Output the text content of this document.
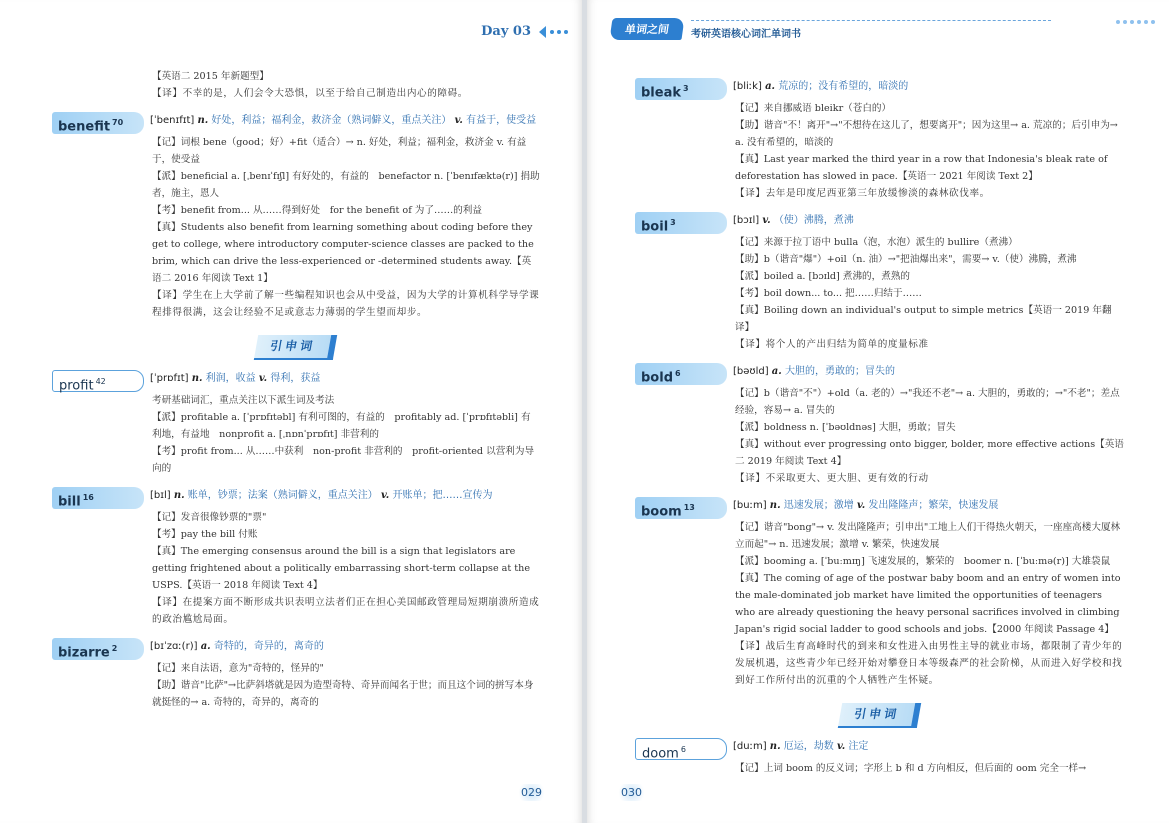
Day 03

【英语二 2015 年新题型】

【译】不幸的是，人们会令大恐惧，以至于给自己制造出内心的障碍。

benefit $^{70}$	[ˈbenɪfɪt] n. 好处，利益；福利金，救济金（熟词僻义，重点关注） v. 有益于，使受益

【记】词根 bene（good；好）+fit（适合）→ n. 好处，利益；福利金，救济金 v. 有益于，使受益

【派】beneficial a. [ˌbenɪˈfɪʃl] 有好处的，有益的　benefactor n. [ˈbenɪfæktə(r)] 捐助者，施主，恩人

【考】benefit from... 从……得到好处　for the benefit of 为了……的利益

【真】Students also benefit from learning something about coding before they get to college, where introductory computer-science classes are packed to the brim, which can drive the less-experienced or -determined students away.【英语二 2016 年阅读 Text 1】

【译】学生在上大学前了解一些编程知识也会从中受益，因为大学的计算机科学导学课程排得很满，这会让经验不足或意志力薄弱的学生望而却步。

引申词
profit $^{42}$	[ˈprɒfɪt] n. 利润，收益 v. 得利，获益

考研基础词汇，重点关注以下派生词及考法

【派】profitable a. [ˈprɒfɪtəbl] 有利可图的，有益的　profitably ad. [ˈprɒfɪtəbli] 有利地，有益地　nonprofit a. [ˌnɒnˈprɒfɪt] 非营利的

【考】profit from... 从……中获利　non-profit 非营利的　profit-oriented 以营利为导向的

bill $^{16}$	[bɪl] n. 账单，钞票；法案（熟词僻义，重点关注） v. 开账单；把……宣传为

【记】发音很像钞票的"票"

【考】pay the bill 付账

【真】The emerging consensus around the bill is a sign that legislators are getting frightened about a politically embarrassing short-term collapse at the USPS.【英语一 2018 年阅读 Text 4】

【译】在提案方面不断形成共识表明立法者们正在担心美国邮政管理局短期崩溃所造成的政治尴尬局面。

bizarre $^2$	[bɪˈzɑː(r)] a. 奇特的，奇异的，离奇的

【记】来自法语，意为"奇特的，怪异的"

【助】谐音"比萨"→比萨斜塔就是因为造型奇特、奇异而闻名于世；而且这个词的拼写本身就挺怪的→ a. 奇特的，奇异的，离奇的

029
单词之间	考研英语核心词汇单词书
bleak $^3$	[bliːk] a. 荒凉的；没有希望的，暗淡的

【记】来自挪威语 bleikr（苍白的）

【助】谐音"不！离开"→"不想待在这儿了，想要离开"；因为这里→ a. 荒凉的；后引申为→ a. 没有希望的，暗淡的

【真】Last year marked the third year in a row that Indonesia's bleak rate of deforestation has slowed in pace.【英语一 2021 年阅读 Text 2】

【译】去年是印度尼西亚第三年放缓惨淡的森林砍伐率。

boil $^3$	[bɔɪl] v. （使）沸腾，煮沸

【记】来源于拉丁语中 bulla（泡，水泡）派生的 bullire（煮沸）

【助】b（谐音"爆"）+oil（n. 油）→"把油爆出来"，需要→ v.（使）沸腾，煮沸

【派】boiled a. [bɔɪld] 煮沸的，煮熟的

【考】boil down... to... 把……归结于……

【真】Boiling down an individual's output to simple metrics【英语一 2019 年翻译】

【译】将个人的产出归结为简单的度量标准

bold $^6$	[bəʊld] a. 大胆的，勇敢的；冒失的

【记】b（谐音"不"）+old（a. 老的）→"我还不老"→ a. 大胆的，勇敢的；→"不老"；差点经验，容易→ a. 冒失的

【派】boldness n. [ˈbəʊldnəs] 大胆，勇敢；冒失

【真】without ever progressing onto bigger, bolder, more effective actions【英语二 2019 年阅读 Text 4】

【译】不采取更大、更大胆、更有效的行动

boom $^{13}$	[buːm] n. 迅速发展；激增 v. 发出隆隆声；繁荣，快速发展

【记】谐音"bong"→ v. 发出隆隆声；引申出"工地上人们干得热火朝天，一座座高楼大厦林立而起"→ n. 迅速发展；激增 v. 繁荣，快速发展

【派】booming a. [ˈbuːmɪŋ] 飞速发展的，繁荣的　boomer n. [ˈbuːmə(r)] 大雄袋鼠

【真】The coming of age of the postwar baby boom and an entry of women into the male-dominated job market have limited the opportunities of teenagers who are already questioning the heavy personal sacrifices involved in climbing Japan's rigid social ladder to good schools and jobs.【2000 年阅读 Passage 4】

【译】战后生育高峰时代的到来和女性进入由男性主导的就业市场，都限制了青少年的发展机遇，这些青少年已经开始对攀登日本等级森严的社会阶梯，从而进入好学校和找到好工作所付出的沉重的个人牺牲产生怀疑。

引申词
doom $^6$	[duːm] n. 厄运，劫数 v. 注定

【记】上词 boom 的反义词；字形上 b 和 d 方向相反，但后面的 oom 完全一样→

030
